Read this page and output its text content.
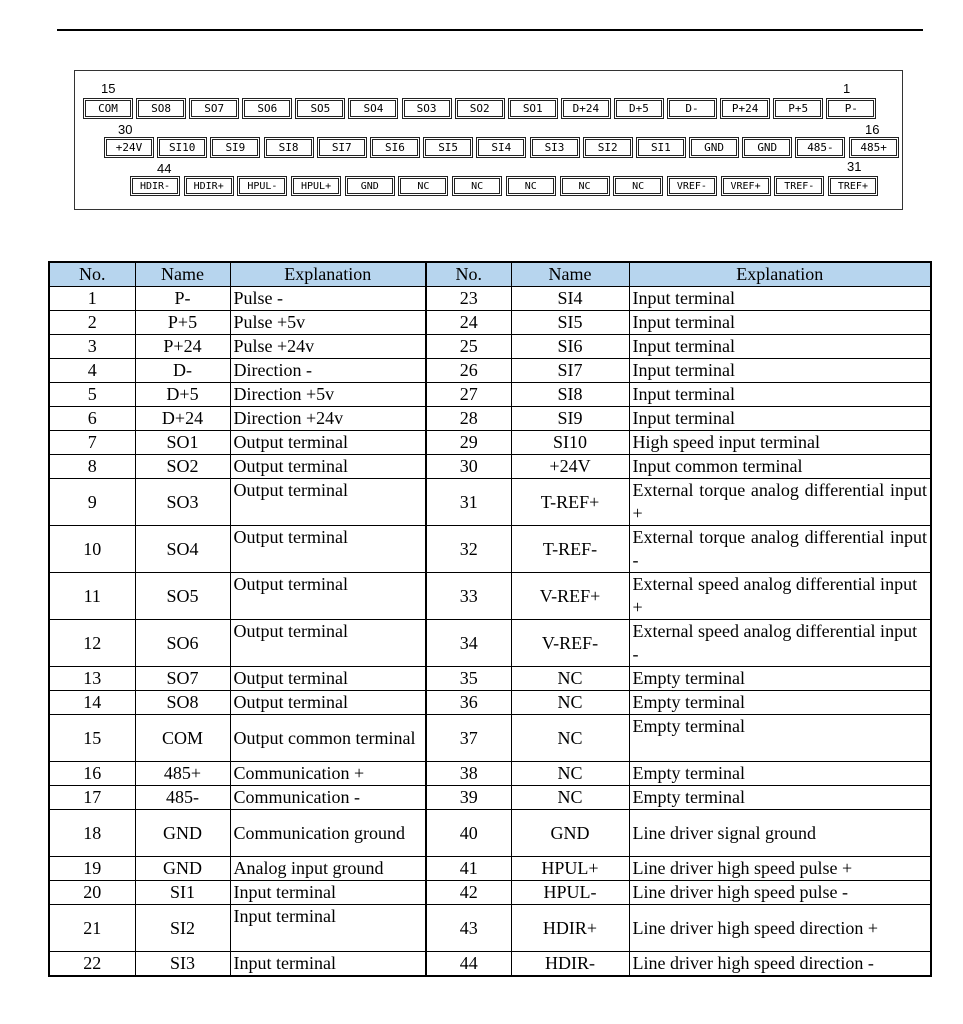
15	1
30	16
44	31
COM	SO8	SO7	SO6	SO5	SO4	SO3	SO2	SO1	D+24	D+5	D-	P+24	P+5	P-
+24V	SI10	SI9	SI8	SI7	SI6	SI5	SI4	SI3	SI2	SI1	GND	GND	485-	485+
HDIR-	HDIR+	HPUL-	HPUL+	GND	NC	NC	NC	NC	NC	VREF-	VREF+	TREF-	TREF+
No.	Name	Explanation	No.	Name	Explanation
1	P-	Pulse -	23	SI4	Input terminal
2	P+5	Pulse +5v	24	SI5	Input terminal
3	P+24	Pulse +24v	25	SI6	Input terminal
4	D-	Direction -	26	SI7	Input terminal
5	D+5	Direction +5v	27	SI8	Input terminal
6	D+24	Direction +24v	28	SI9	Input terminal
7	SO1	Output terminal	29	SI10	High speed input terminal
8	SO2	Output terminal	30	+24V	Input common terminal
9	SO3	Output terminal	31	T-REF+	External torque analog differential input +
10	SO4	Output terminal	32	T-REF-	External torque analog differential input -
11	SO5	Output terminal	33	V-REF+	External speed analog differential input +
12	SO6	Output terminal	34	V-REF-	External speed analog differential input -
13	SO7	Output terminal	35	NC	Empty terminal
14	SO8	Output terminal	36	NC	Empty terminal
15	COM	Output common terminal	37	NC	Empty terminal
16	485+	Communication +	38	NC	Empty terminal
17	485-	Communication -	39	NC	Empty terminal
18	GND	Communication ground	40	GND	Line driver signal ground
19	GND	Analog input ground	41	HPUL+	Line driver high speed pulse +
20	SI1	Input terminal	42	HPUL-	Line driver high speed pulse -
21	SI2	Input terminal	43	HDIR+	Line driver high speed direction +
22	SI3	Input terminal	44	HDIR-	Line driver high speed direction -
